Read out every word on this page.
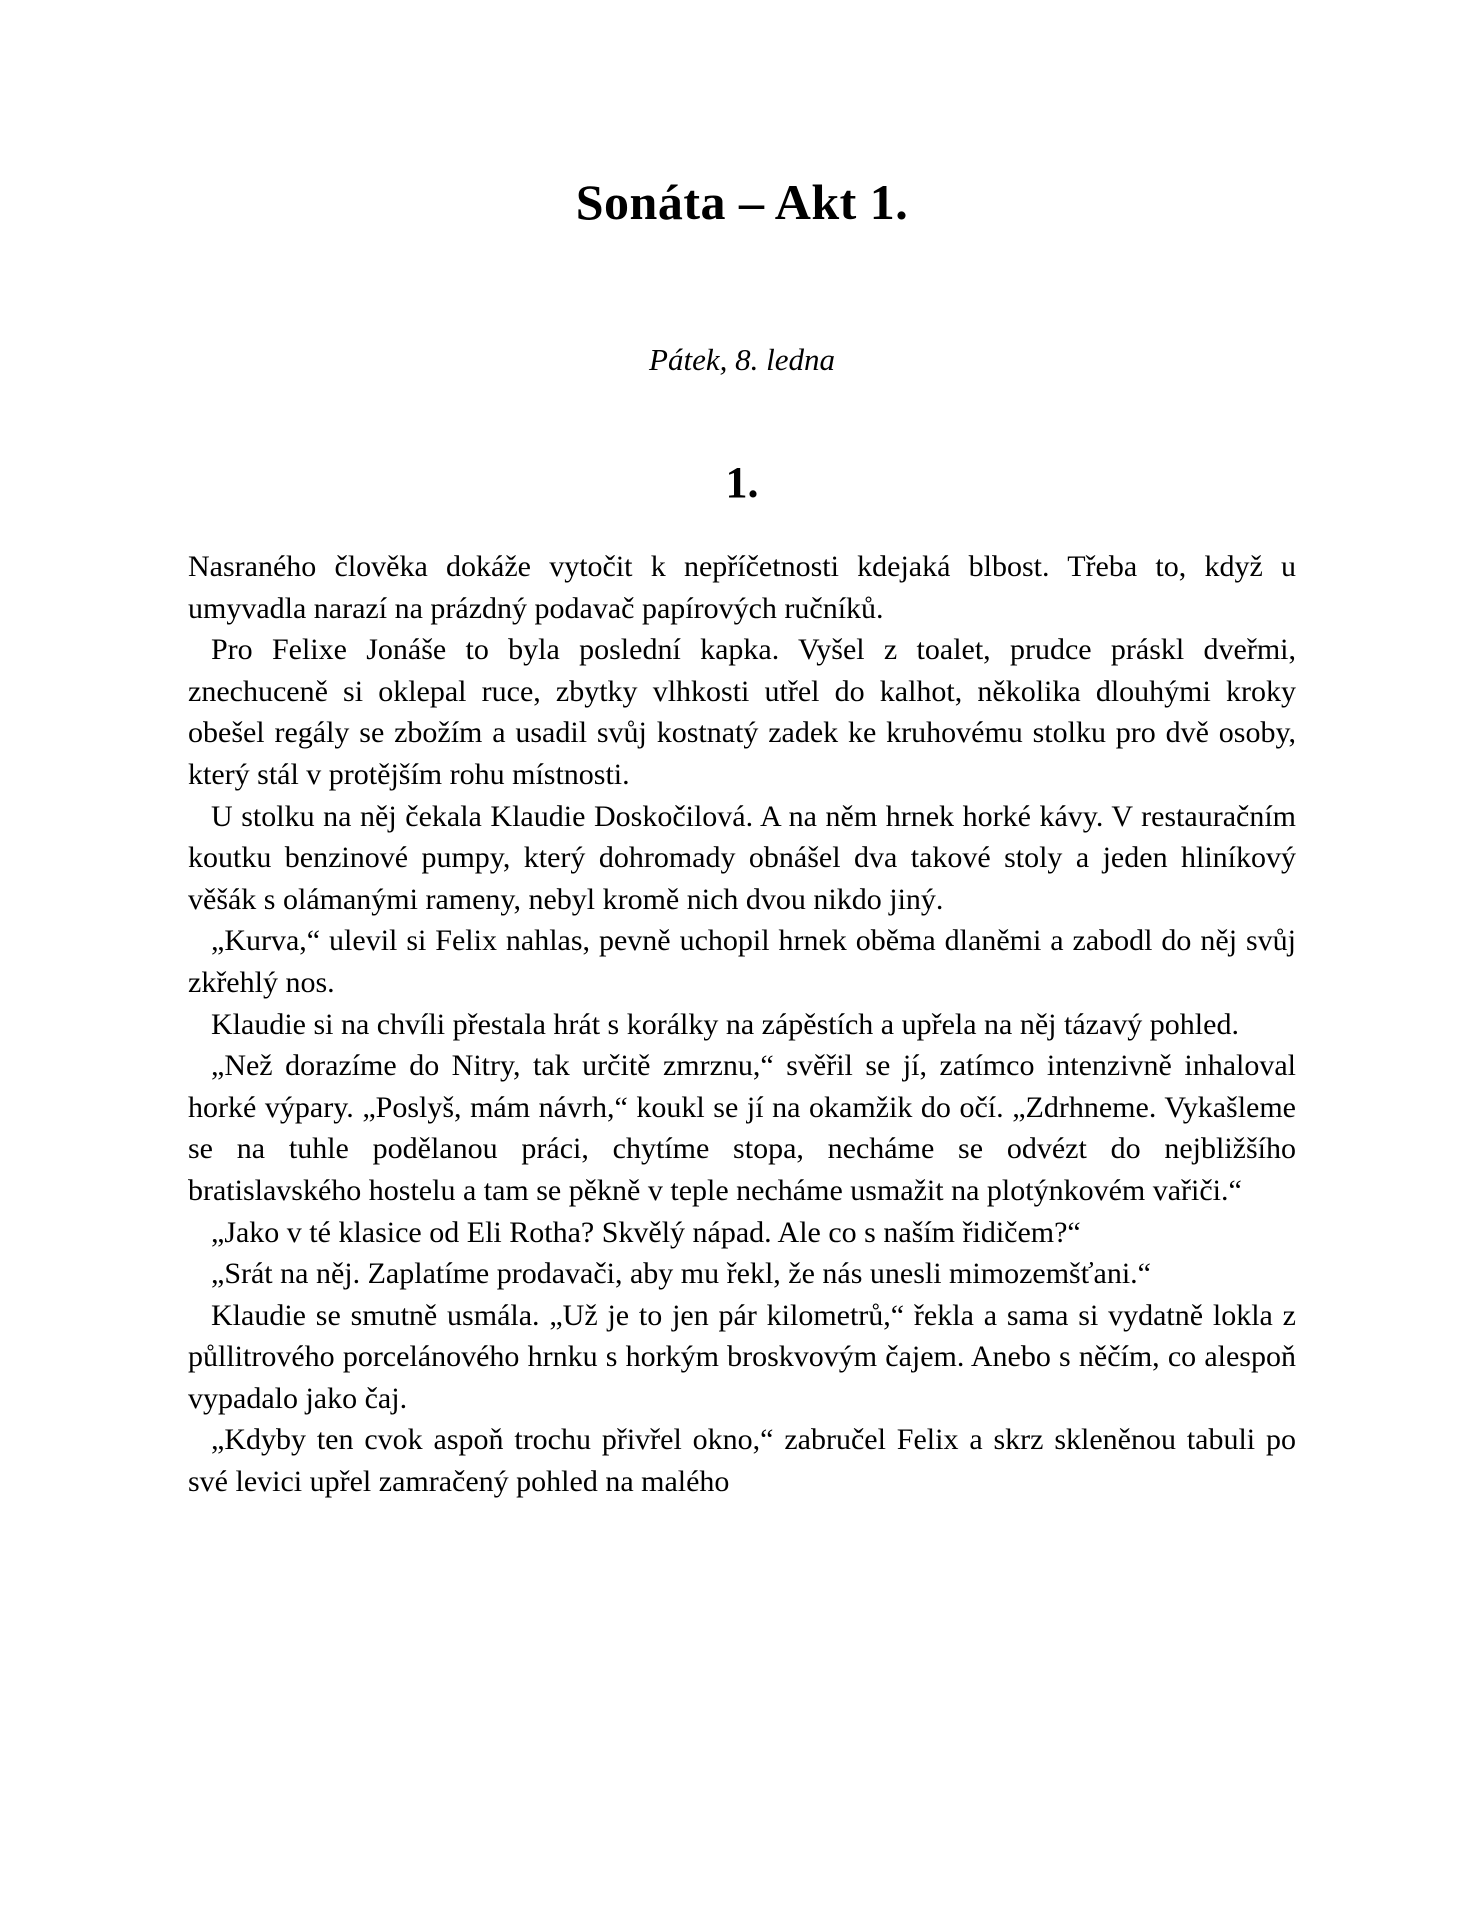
Sonáta – Akt 1.
Pátek, 8. ledna
1.

Nasraného člověka dokáže vytočit k nepříčetnosti kdejaká blbost. Třeba to, když u umyvadla narazí na prázdný podavač papírových ručníků.

Pro Felixe Jonáše to byla poslední kapka. Vyšel z toalet, prudce práskl dveřmi, znechuceně si oklepal ruce, zbytky vlhkosti utřel do kalhot, několika dlouhými kroky obešel regály se zbožím a usadil svůj kostnatý zadek ke kruhovému stolku pro dvě osoby, který stál v protějším rohu místnosti.

U stolku na něj čekala Klaudie Doskočilová. A na něm hrnek horké kávy. V restauračním koutku benzinové pumpy, který dohromady obnášel dva takové stoly a jeden hliníkový věšák s olámanými rameny, nebyl kromě nich dvou nikdo jiný.

„Kurva,“ ulevil si Felix nahlas, pevně uchopil hrnek oběma dlaněmi a zabodl do něj svůj zkřehlý nos.

Klaudie si na chvíli přestala hrát s korálky na zápěstích a upřela na něj tázavý pohled.

„Než dorazíme do Nitry, tak určitě zmrznu,“ svěřil se jí, zatímco intenzivně inhaloval horké výpary. „Poslyš, mám návrh,“ koukl se jí na okamžik do očí. „Zdrhneme. Vykašleme se na tuhle podělanou práci, chytíme stopa, necháme se odvézt do nejbližšího bratislavského hostelu a tam se pěkně v teple necháme usmažit na plotýnkovém vařiči.“

„Jako v té klasice od Eli Rotha? Skvělý nápad. Ale co s naším řidičem?“

„Srát na něj. Zaplatíme prodavači, aby mu řekl, že nás unesli mimozemšťani.“

Klaudie se smutně usmála. „Už je to jen pár kilometrů,“ řekla a sama si vydatně lokla z půllitrového porcelánového hrnku s horkým broskvovým čajem. Anebo s něčím, co alespoň vypadalo jako čaj.

„Kdyby ten cvok aspoň trochu přivřel okno,“ zabručel Felix a skrz skleněnou tabuli po své levici upřel zamračený pohled na malého
